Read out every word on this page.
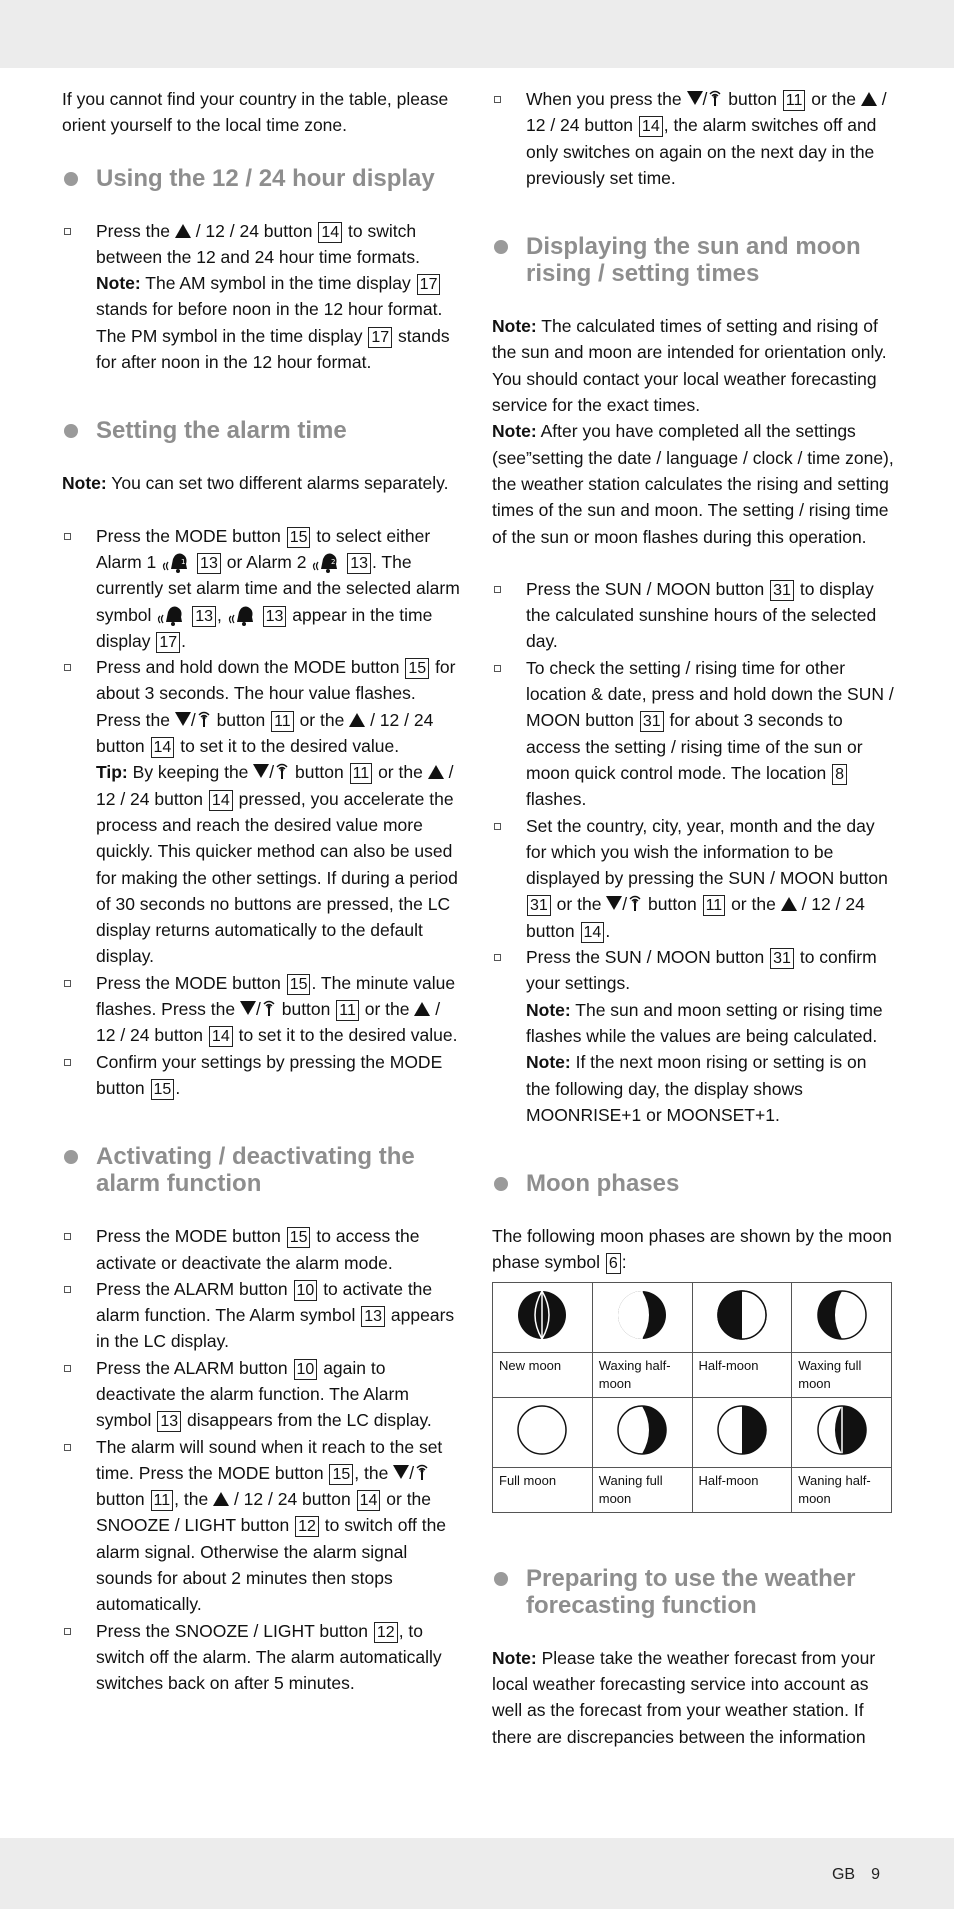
GB 9

If you cannot find your country in the table, please orient yourself to the local time zone.

Using the 12 / 24 hour display
Press the / 12 / 24 button 14 to switch between the 12 and 24 hour time formats. Note: The AM symbol in the time display 17 stands for before noon in the 12 hour format. The PM symbol in the time display 17 stands for after noon in the 12 hour format.
Setting the alarm time

Note: You can set two different alarms separately.

Press the MODE button 15 to select either Alarm 1	1 13 or Alarm 2	2 13 . The currently set alarm time and the selected alarm symbol	13 ,	13 appear in the time display 17 .
Press and hold down the MODE button 15 for about 3 seconds. The hour value flashes. Press the / button 11 or the / 12 / 24 button 14 to set it to the desired value.
Tip: By keeping the / button 11 or the / 12 / 24 button 14 pressed, you accelerate the process and reach the desired value more quickly. This quicker method can also be used for making the other settings. If during a period of 30 seconds no buttons are pressed, the LC display returns automatically to the default display.
Press the MODE button 15 . The minute value flashes. Press the / button 11 or the / 12 / 24 button 14 to set it to the desired value.
Confirm your settings by pressing the MODE button 15 .
Activating / deactivating the alarm function
Press the MODE button 15 to access the activate or deactivate the alarm mode.
Press the ALARM button 10 to activate the alarm function. The Alarm symbol 13 appears in the LC display.
Press the ALARM button 10 again to deactivate the alarm function. The Alarm symbol 13 disappears from the LC display.
The alarm will sound when it reach to the set time. Press the MODE button 15 , the / button 11 , the / 12 / 24 button 14 or the SNOOZE / LIGHT button 12 to switch off the alarm signal. Otherwise the alarm signal sounds for about 2 minutes then stops automatically.
Press the SNOOZE / LIGHT button 12 , to switch off the alarm. The alarm automatically switches back on after 5 minutes.
When you press the / button 11 or the / 12 / 24 button 14 , the alarm switches off and only switches on again on the next day in the previously set time.
Displaying the sun and moon rising / setting times

Note: The calculated times of setting and rising of the sun and moon are intended for orientation only. You should contact your local weather forecasting service for the exact times.

Note: After you have completed all the settings (see”setting the date / language / clock / time zone), the weather station calculates the rising and setting times of the sun and moon. The setting / rising time of the sun or moon flashes during this operation.

Press the SUN / MOON button 31 to display the calculated sunshine hours of the selected day.
To check the setting / rising time for other location & date, press and hold down the SUN / MOON button 31 for about 3 seconds to access the setting / rising time of the sun or moon quick control mode. The location 8 flashes.
Set the country, city, year, month and the day for which you wish the information to be displayed by pressing the SUN / MOON button 31 or the / button 11 or the / 12 / 24 button 14 .
Press the SUN / MOON button 31 to confirm your settings.
Note: The sun and moon setting or rising time flashes while the values are being calculated.
Note: If the next moon rising or setting is on the following day, the display shows MOONRISE+1 or MOONSET+1.
Moon phases

The following moon phases are shown by the moon phase symbol 6 :

New moon	Waxing half-moon	Half-moon	Waxing full moon

Full moon	Waning full moon	Half-moon	Waning half-moon
Preparing to use the weather forecasting function

Note: Please take the weather forecast from your local weather forecasting service into account as well as the forecast from your weather station. If there are discrepancies between the information
